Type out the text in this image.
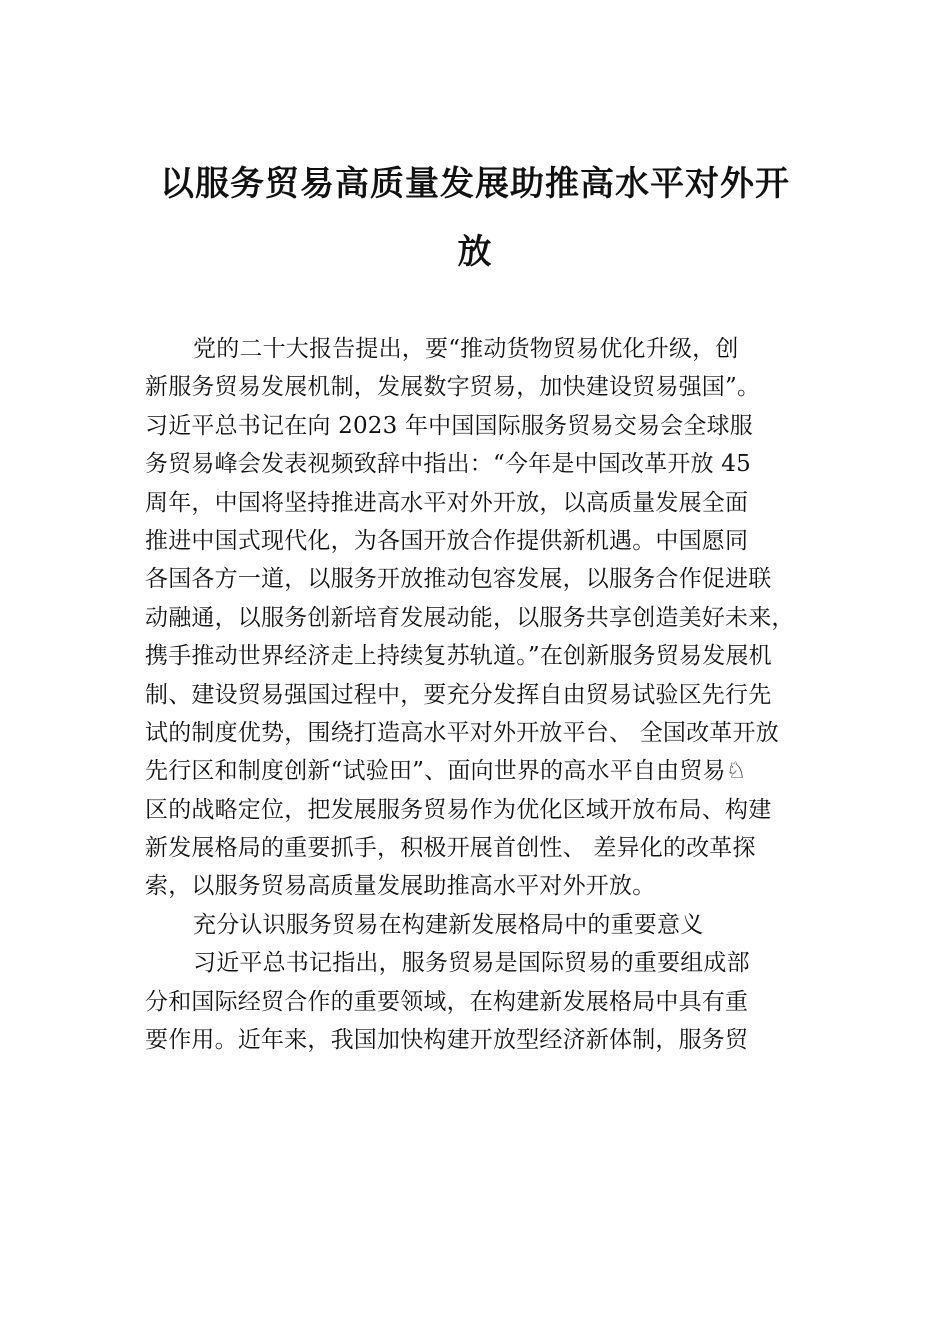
以服务贸易高质量发展助推高水平对外开
放
党的二十大报告提出，要“推动货物贸易优化升级，创
新服务贸易发展机制，发展数字贸易，加快建设贸易强国”。
习近平总书记在向 2023 年中国国际服务贸易交易会全球服
务贸易峰会发表视频致辞中指出：“今年是中国改革开放 45
周年，中国将坚持推进高水平对外开放，以高质量发展全面
推进中国式现代化，为各国开放合作提供新机遇。中国愿同
各国各方一道，以服务开放推动包容发展，以服务合作促进联
动融通，以服务创新培育发展动能，以服务共享创造美好未来，
携手推动世界经济走上持续复苏轨道。”在创新服务贸易发展机
制、建设贸易强国过程中，要充分发挥自由贸易试验区先行先
试的制度优势，围绕打造高水平对外开放平台、 全国改革开放
先行区和制度创新“试验田”、面向世界的高水平自由贸易♘
区的战略定位，把发展服务贸易作为优化区域开放布局、构建
新发展格局的重要抓手，积极开展首创性、 差异化的改革探
索，以服务贸易高质量发展助推高水平对外开放。
充分认识服务贸易在构建新发展格局中的重要意义
习近平总书记指出，服务贸易是国际贸易的重要组成部
分和国际经贸合作的重要领域，在构建新发展格局中具有重
要作用。近年来，我国加快构建开放型经济新体制，服务贸
